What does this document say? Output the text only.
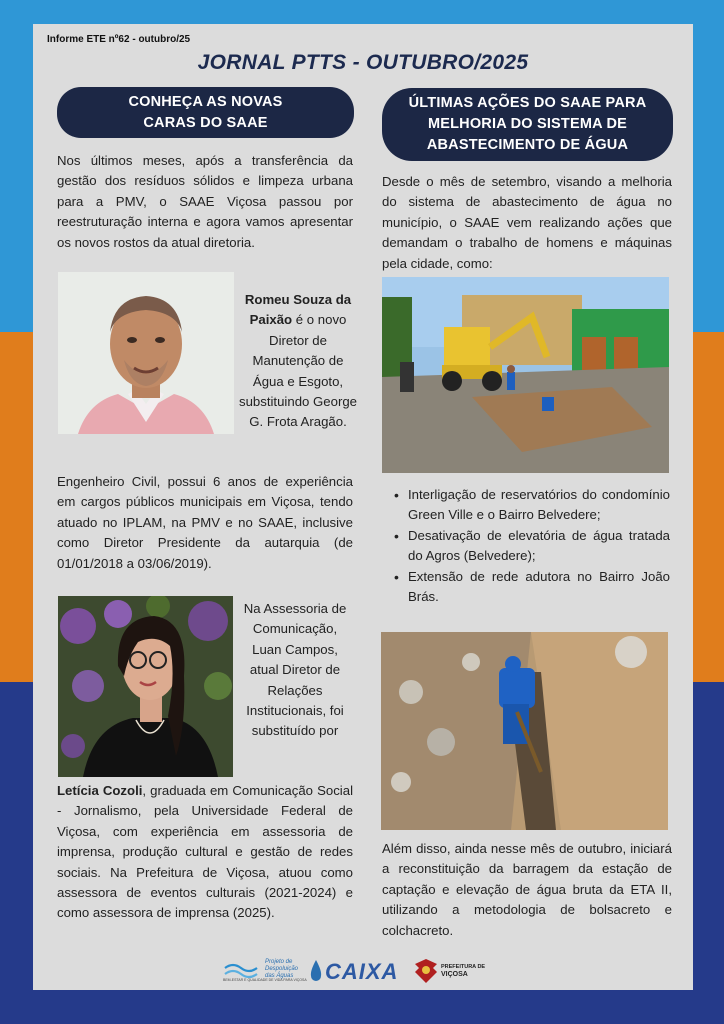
Informe ETE nº62 - outubro/25
JORNAL PTTS - OUTUBRO/2025
CONHEÇA AS NOVAS
CARAS DO SAAE
ÚLTIMAS AÇÕES DO SAAE PARA
MELHORIA DO SISTEMA DE
ABASTECIMENTO DE ÁGUA
Nos últimos meses, após a transferência da gestão dos resíduos sólidos e limpeza urbana para a PMV, o SAAE Viçosa passou por reestruturação interna e agora vamos apresentar os novos rostos da atual diretoria.
Romeu Souza da Paixão é o novo Diretor de Manutenção de Água e Esgoto, substituindo George G. Frota Aragão.
Engenheiro Civil, possui 6 anos de experiência em cargos públicos municipais em Viçosa, tendo atuado no IPLAM, na PMV e no SAAE, inclusive como Diretor Presidente da autarquia (de 01/01/2018 a 03/06/2019).
Na Assessoria de Comunicação, Luan Campos, atual Diretor de Relações Institucionais, foi substituído por
Letícia Cozoli, graduada em Comunicação Social - Jornalismo, pela Universidade Federal de Viçosa, com experiência em assessoria de imprensa, produção cultural e gestão de redes sociais. Na Prefeitura de Viçosa, atuou como assessora de eventos culturais (2021-2024) e como assessora de imprensa (2025).
Desde o mês de setembro, visando a melhoria do sistema de abastecimento de água no município, o SAAE vem realizando ações que demandam o trabalho de homens e máquinas pela cidade, como:
• Interligação de reservatórios do condomínio Green Ville e o Bairro Belvedere;
• Desativação de elevatória de água tratada do Agros (Belvedere);
• Extensão de rede adutora no Bairro João Brás.
Além disso, ainda nesse mês de outubro, iniciará a reconstituição da barragem da estação de captação e elevação de água bruta da ETA II, utilizando a metodologia de bolsacreto e colchacreto.
Projeto de
Despoluição
das Águas
BEM-ESTAR E QUALIDADE DE VIDA PARA VIÇOSA CAIXA	PREFEITURA DE
VIÇOSA
